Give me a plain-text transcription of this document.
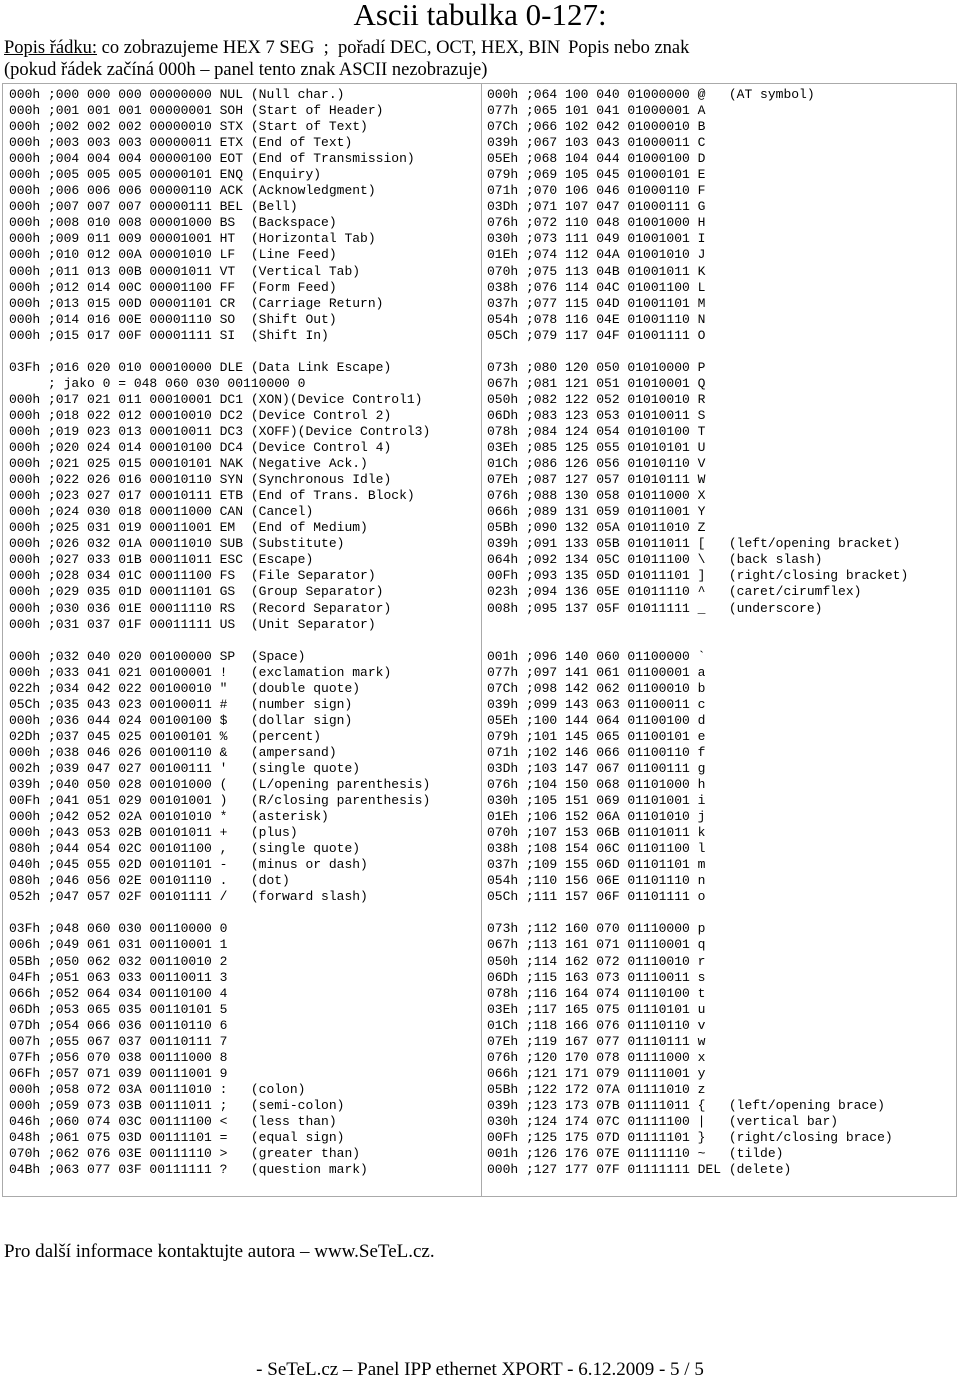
Ascii tabulka 0-127:
Popis řádku: co zobrazujeme HEX 7 SEG  ;  pořadí DEC, OCT, HEX, BIN Popis nebo znak
(pokud řádek začíná 000h – panel tento znak ASCII nezobrazuje)
000h ;000 000 000 00000000 NUL (Null char.)
000h ;001 001 001 00000001 SOH (Start of Header)
000h ;002 002 002 00000010 STX (Start of Text)
000h ;003 003 003 00000011 ETX (End of Text)
000h ;004 004 004 00000100 EOT (End of Transmission)
000h ;005 005 005 00000101 ENQ (Enquiry)
000h ;006 006 006 00000110 ACK (Acknowledgment)
000h ;007 007 007 00000111 BEL (Bell)
000h ;008 010 008 00001000 BS  (Backspace)
000h ;009 011 009 00001001 HT  (Horizontal Tab)
000h ;010 012 00A 00001010 LF  (Line Feed)
000h ;011 013 00B 00001011 VT  (Vertical Tab)
000h ;012 014 00C 00001100 FF  (Form Feed)
000h ;013 015 00D 00001101 CR  (Carriage Return)
000h ;014 016 00E 00001110 SO  (Shift Out)
000h ;015 017 00F 00001111 SI  (Shift In)
03Fh ;016 020 010 00010000 DLE (Data Link Escape)
; jako 0 = 048 060 030 00110000 0
000h ;017 021 011 00010001 DC1 (XON)(Device Control1)
000h ;018 022 012 00010010 DC2 (Device Control 2)
000h ;019 023 013 00010011 DC3 (XOFF)(Device Control3)
000h ;020 024 014 00010100 DC4 (Device Control 4)
000h ;021 025 015 00010101 NAK (Negative Ack.)
000h ;022 026 016 00010110 SYN (Synchronous Idle)
000h ;023 027 017 00010111 ETB (End of Trans. Block)
000h ;024 030 018 00011000 CAN (Cancel)
000h ;025 031 019 00011001 EM  (End of Medium)
000h ;026 032 01A 00011010 SUB (Substitute)
000h ;027 033 01B 00011011 ESC (Escape)
000h ;028 034 01C 00011100 FS  (File Separator)
000h ;029 035 01D 00011101 GS  (Group Separator)
000h ;030 036 01E 00011110 RS  (Record Separator)
000h ;031 037 01F 00011111 US  (Unit Separator)
000h ;032 040 020 00100000 SP  (Space)
000h ;033 041 021 00100001 !   (exclamation mark)
022h ;034 042 022 00100010 "   (double quote)
05Ch ;035 043 023 00100011 #   (number sign)
000h ;036 044 024 00100100 $   (dollar sign)
02Dh ;037 045 025 00100101 %   (percent)
000h ;038 046 026 00100110 &   (ampersand)
002h ;039 047 027 00100111 '   (single quote)
039h ;040 050 028 00101000 (   (L/opening parenthesis)
00Fh ;041 051 029 00101001 )   (R/closing parenthesis)
000h ;042 052 02A 00101010 *   (asterisk)
000h ;043 053 02B 00101011 +   (plus)
080h ;044 054 02C 00101100 ,   (single quote)
040h ;045 055 02D 00101101 -   (minus or dash)
080h ;046 056 02E 00101110 .   (dot)
052h ;047 057 02F 00101111 /   (forward slash)
03Fh ;048 060 030 00110000 0
006h ;049 061 031 00110001 1
05Bh ;050 062 032 00110010 2
04Fh ;051 063 033 00110011 3
066h ;052 064 034 00110100 4
06Dh ;053 065 035 00110101 5
07Dh ;054 066 036 00110110 6
007h ;055 067 037 00110111 7
07Fh ;056 070 038 00111000 8
06Fh ;057 071 039 00111001 9
000h ;058 072 03A 00111010 :   (colon)
000h ;059 073 03B 00111011 ;   (semi-colon)
046h ;060 074 03C 00111100 <   (less than)
048h ;061 075 03D 00111101 =   (equal sign)
070h ;062 076 03E 00111110 >   (greater than)
04Bh ;063 077 03F 00111111 ?   (question mark)
000h ;064 100 040 01000000 @   (AT symbol)
077h ;065 101 041 01000001 A
07Ch ;066 102 042 01000010 B
039h ;067 103 043 01000011 C
05Eh ;068 104 044 01000100 D
079h ;069 105 045 01000101 E
071h ;070 106 046 01000110 F
03Dh ;071 107 047 01000111 G
076h ;072 110 048 01001000 H
030h ;073 111 049 01001001 I
01Eh ;074 112 04A 01001010 J
070h ;075 113 04B 01001011 K
038h ;076 114 04C 01001100 L
037h ;077 115 04D 01001101 M
054h ;078 116 04E 01001110 N
05Ch ;079 117 04F 01001111 O
073h ;080 120 050 01010000 P
067h ;081 121 051 01010001 Q
050h ;082 122 052 01010010 R
06Dh ;083 123 053 01010011 S
078h ;084 124 054 01010100 T
03Eh ;085 125 055 01010101 U
01Ch ;086 126 056 01010110 V
07Eh ;087 127 057 01010111 W
076h ;088 130 058 01011000 X
066h ;089 131 059 01011001 Y
05Bh ;090 132 05A 01011010 Z
039h ;091 133 05B 01011011 [   (left/opening bracket)
064h ;092 134 05C 01011100 \   (back slash)
00Fh ;093 135 05D 01011101 ]   (right/closing bracket)
023h ;094 136 05E 01011110 ^   (caret/cirumflex)
008h ;095 137 05F 01011111 _   (underscore)
001h ;096 140 060 01100000 `
077h ;097 141 061 01100001 a
07Ch ;098 142 062 01100010 b
039h ;099 143 063 01100011 c
05Eh ;100 144 064 01100100 d
079h ;101 145 065 01100101 e
071h ;102 146 066 01100110 f
03Dh ;103 147 067 01100111 g
076h ;104 150 068 01101000 h
030h ;105 151 069 01101001 i
01Eh ;106 152 06A 01101010 j
070h ;107 153 06B 01101011 k
038h ;108 154 06C 01101100 l
037h ;109 155 06D 01101101 m
054h ;110 156 06E 01101110 n
05Ch ;111 157 06F 01101111 o
073h ;112 160 070 01110000 p
067h ;113 161 071 01110001 q
050h ;114 162 072 01110010 r
06Dh ;115 163 073 01110011 s
078h ;116 164 074 01110100 t
03Eh ;117 165 075 01110101 u
01Ch ;118 166 076 01110110 v
07Eh ;119 167 077 01110111 w
076h ;120 170 078 01111000 x
066h ;121 171 079 01111001 y
05Bh ;122 172 07A 01111010 z
039h ;123 173 07B 01111011 {   (left/opening brace)
030h ;124 174 07C 01111100 |   (vertical bar)
00Fh ;125 175 07D 01111101 }   (right/closing brace)
001h ;126 176 07E 01111110 ~   (tilde)
000h ;127 177 07F 01111111 DEL (delete)
Pro další informace kontaktujte autora – www.SeTeL.cz.
- SeTeL.cz – Panel IPP ethernet XPORT - 6.12.2009 - 5 / 5
